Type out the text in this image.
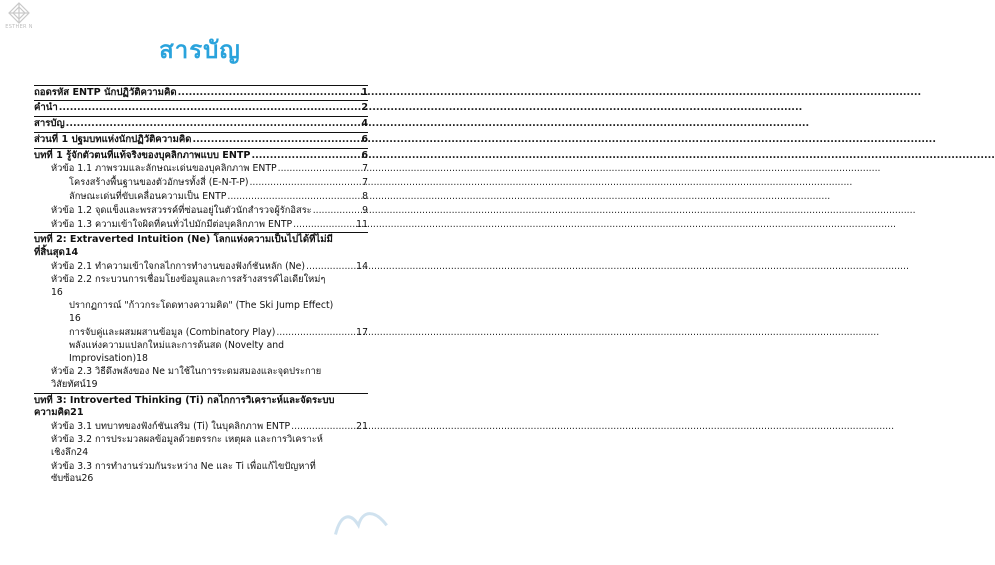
ESTHER N
สารบัญ
ถอดรหัส ENTP นักปฏิวัติความคิด .....	1
คำนำ .....	2
สารบัญ .....	4
ส่วนที่ 1 ปฐมบทแห่งนักปฏิวัติความคิด .....	6
บทที่ 1 รู้จักตัวตนที่แท้จริงของบุคลิกภาพแบบ ENTP .....	6
หัวข้อ 1.1 ภาพรวมและลักษณะเด่นของบุคลิกภาพ ENTP .....	7
โครงสร้างพื้นฐานของตัวอักษรทั้งสี่ (E-N-T-P) .....	7
ลักษณะเด่นที่ขับเคลื่อนความเป็น ENTP .....	8
หัวข้อ 1.2 จุดแข็งและพรสวรรค์ที่ซ่อนอยู่ในตัวนักสำรวจผู้รักอิสระ .....	9
หัวข้อ 1.3 ความเข้าใจผิดที่คนทั่วไปมักมีต่อบุคลิกภาพ ENTP .....	11
บทที่ 2: Extraverted Intuition (Ne) โลกแห่งความเป็นไปได้ที่ไม่มี
ที่สิ้นสุด 14
หัวข้อ 2.1 ทำความเข้าใจกลไกการทำงานของฟังก์ชันหลัก (Ne) .....	14
หัวข้อ 2.2 กระบวนการเชื่อมโยงข้อมูลและการสร้างสรรค์ไอเดียใหม่ๆ
16
ปรากฏการณ์ "ก้าวกระโดดทางความคิด" (The Ski Jump Effect)
16
การจับคู่และผสมผสานข้อมูล (Combinatory Play) .....	17
พลังแห่งความแปลกใหม่และการด้นสด (Novelty and
Improvisation) 18
หัวข้อ 2.3 วิธีดึงพลังของ Ne มาใช้ในการระดมสมองและจุดประกาย
วิสัยทัศน์ 19
บทที่ 3: Introverted Thinking (Ti) กลไกการวิเคราะห์และจัดระบบ
ความคิด 21
หัวข้อ 3.1 บทบาทของฟังก์ชันเสริม (Ti) ในบุคลิกภาพ ENTP .....	21
หัวข้อ 3.2 การประมวลผลข้อมูลด้วยตรรกะ เหตุผล และการวิเคราะห์
เชิงลึก 24
หัวข้อ 3.3 การทำงานร่วมกันระหว่าง Ne และ Ti เพื่อแก้ไขปัญหาที่
ซับซ้อน 26
